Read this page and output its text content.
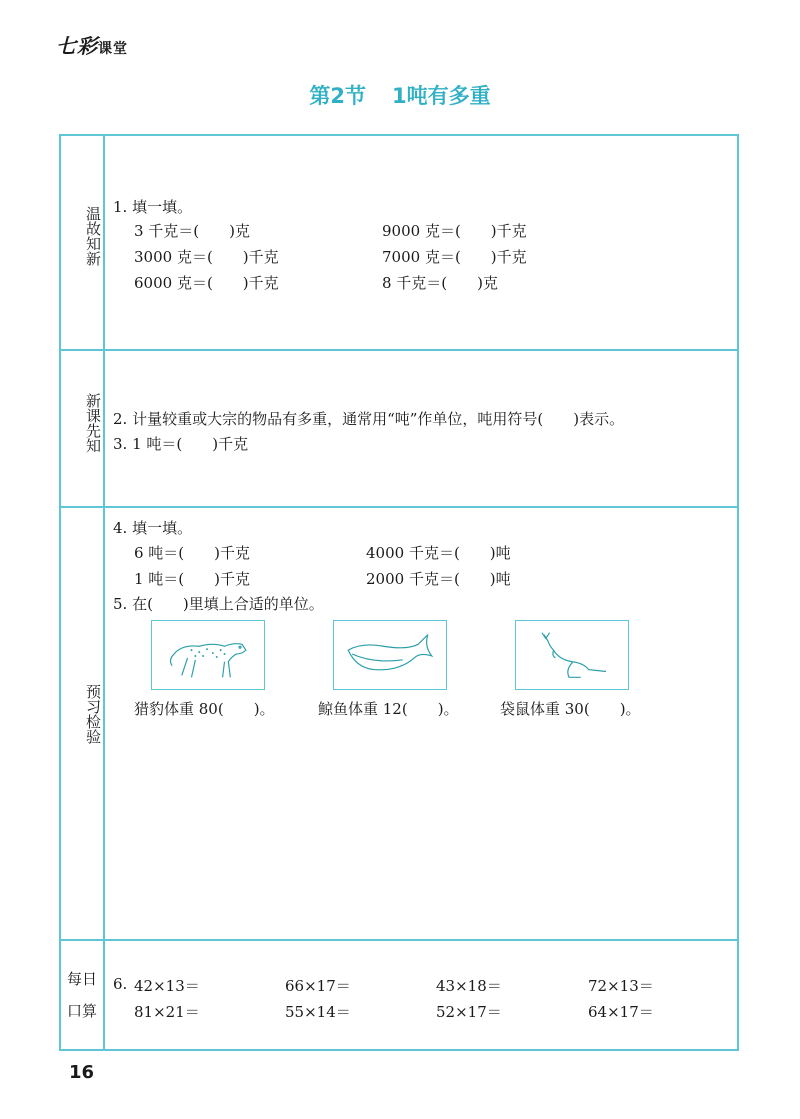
七彩课堂
第2节 1吨有多重
温故知新
新课先知
预习检验
每日
口算
1. 填一填。
3 千克＝(　　)克	9000 克＝(　　)千克
3000 克＝(　　)千克	7000 克＝(　　)千克
6000 克＝(　　)千克	8 千克＝(　　)克
2. 计量较重或大宗的物品有多重，通常用“吨”作单位，吨用符号(　　)表示。
3. 1 吨＝(　　)千克
4. 填一填。
6 吨＝(　　)千克	4000 千克＝(　　)吨
1 吨＝(　　)千克	2000 千克＝(　　)吨
5. 在(　　)里填上合适的单位。
猎豹体重 80(　　)。	鲸鱼体重 12(　　)。	袋鼠体重 30(　　)。
6. 42×13＝	66×17＝	43×18＝	72×13＝
81×21＝	55×14＝	52×17＝	64×17＝
16
